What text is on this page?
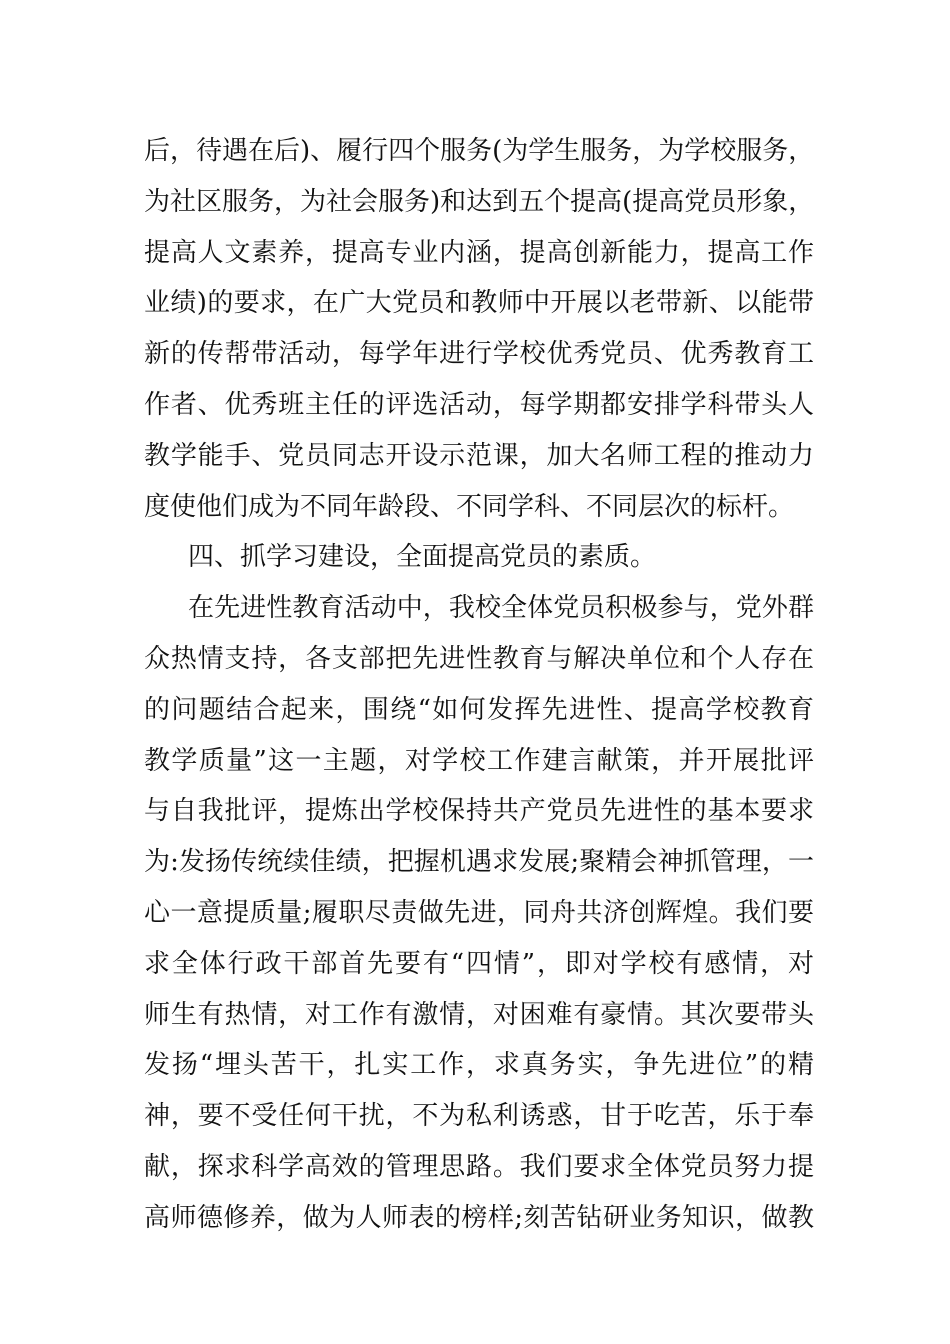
后，待遇在后)、履行四个服务(为学生服务，为学校服务，
为社区服务，为社会服务)和达到五个提高(提高党员形象，
提高人文素养，提高专业内涵，提高创新能力，提高工作
业绩)的要求，在广大党员和教师中开展以老带新、以能带
新的传帮带活动，每学年进行学校优秀党员、优秀教育工
作者、优秀班主任的评选活动，每学期都安排学科带头人
教学能手、党员同志开设示范课，加大名师工程的推动力
度使他们成为不同年龄段、不同学科、不同层次的标杆。
四、抓学习建设，全面提高党员的素质。
在先进性教育活动中，我校全体党员积极参与，党外群
众热情支持，各支部把先进性教育与解决单位和个人存在
的问题结合起来，围绕“如何发挥先进性、提高学校教育
教学质量”这一主题，对学校工作建言献策，并开展批评
与自我批评，提炼出学校保持共产党员先进性的基本要求
为:发扬传统续佳绩，把握机遇求发展;聚精会神抓管理，一
心一意提质量;履职尽责做先进，同舟共济创辉煌。我们要
求全体行政干部首先要有“四情”，即对学校有感情，对
师生有热情，对工作有激情，对困难有豪情。其次要带头
发扬“埋头苦干，扎实工作，求真务实，争先进位”的精
神，要不受任何干扰，不为私利诱惑，甘于吃苦，乐于奉
献，探求科学高效的管理思路。我们要求全体党员努力提
高师德修养，做为人师表的榜样;刻苦钻研业务知识，做教
